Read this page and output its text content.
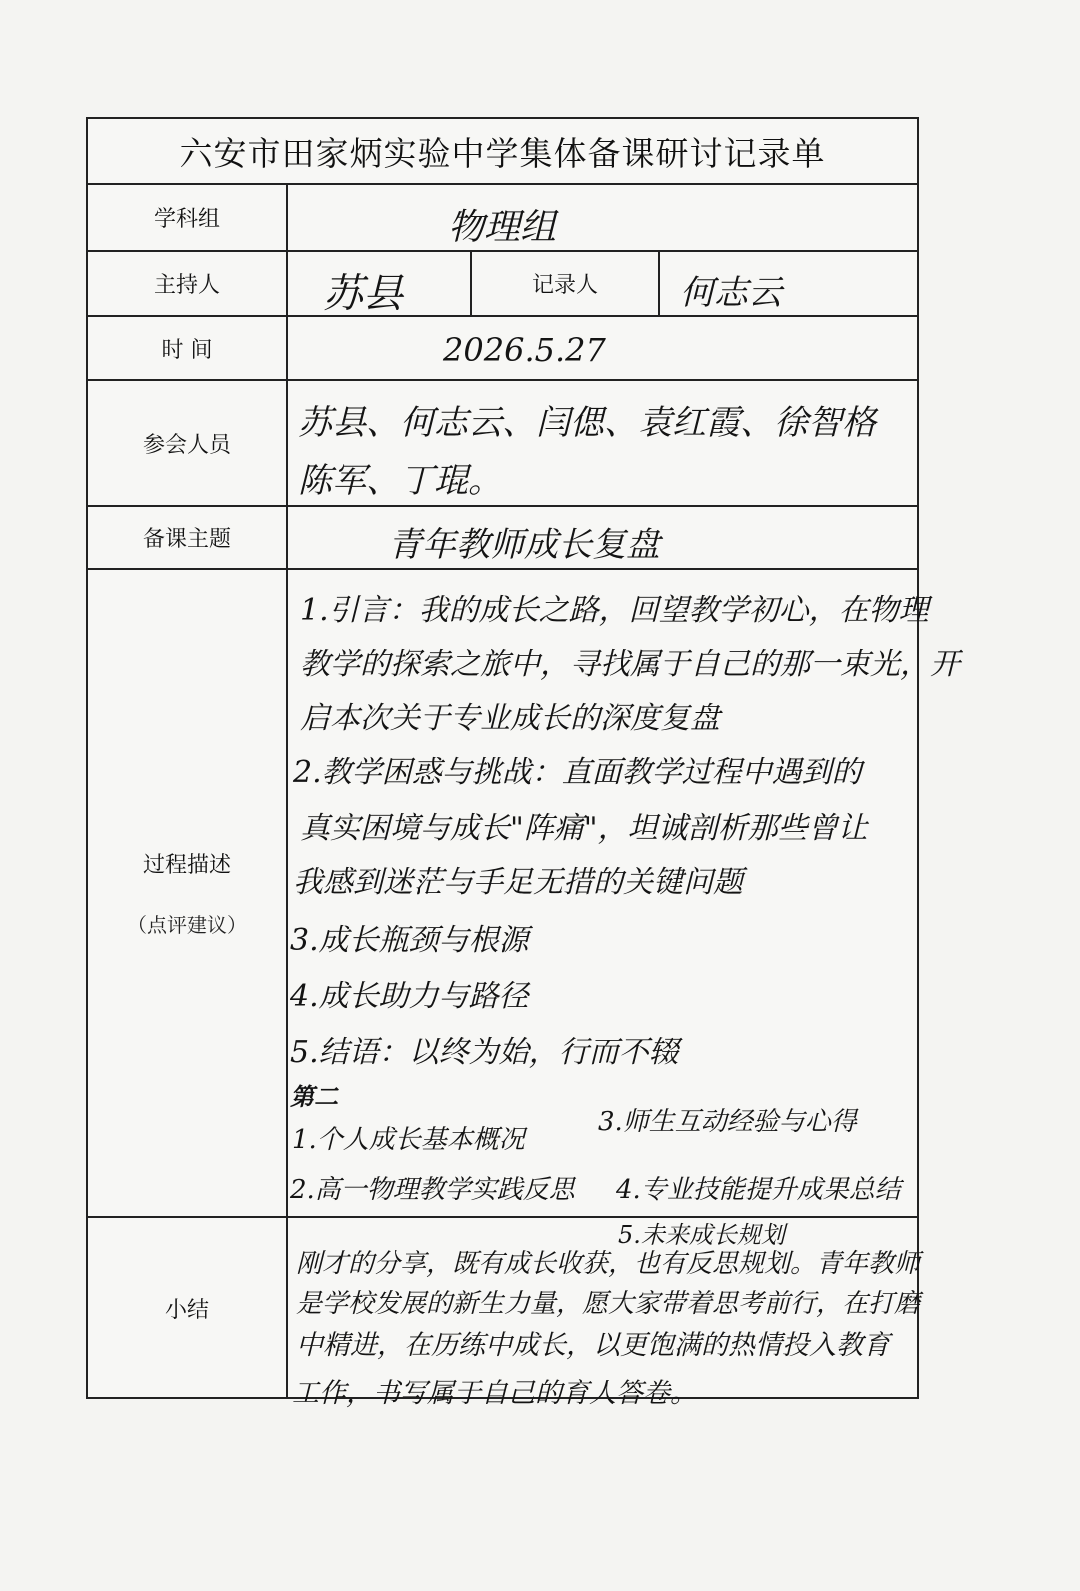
六安市田家炳实验中学集体备课研讨记录单
学科组
主持人
时 间
参会人员
备课主题
过程描述
（点评建议）
小结
记录人
物理组
苏县	何志云
2026.5.27
苏县、何志云、闫偲、袁红霞、徐智格
陈军、丁琨。
青年教师成长复盘
1.引言：我的成长之路，回望教学初心，在物理
教学的探索之旅中，寻找属于自己的那一束光，开
启本次关于专业成长的深度复盘
2.教学困惑与挑战：直面教学过程中遇到的
真实困境与成长"阵痛"，坦诚剖析那些曾让
我感到迷茫与手足无措的关键问题
3.成长瓶颈与根源
4.成长助力与路径
5.结语：以终为始，行而不辍
第二
1.个人成长基本概况
2.高一物理教学实践反思
3.师生互动经验与心得
4.专业技能提升成果总结
5.未来成长规划
刚才的分享，既有成长收获，也有反思规划。青年教师
是学校发展的新生力量，愿大家带着思考前行，在打磨
中精进，在历练中成长，以更饱满的热情投入教育
工作，书写属于自己的育人答卷。
